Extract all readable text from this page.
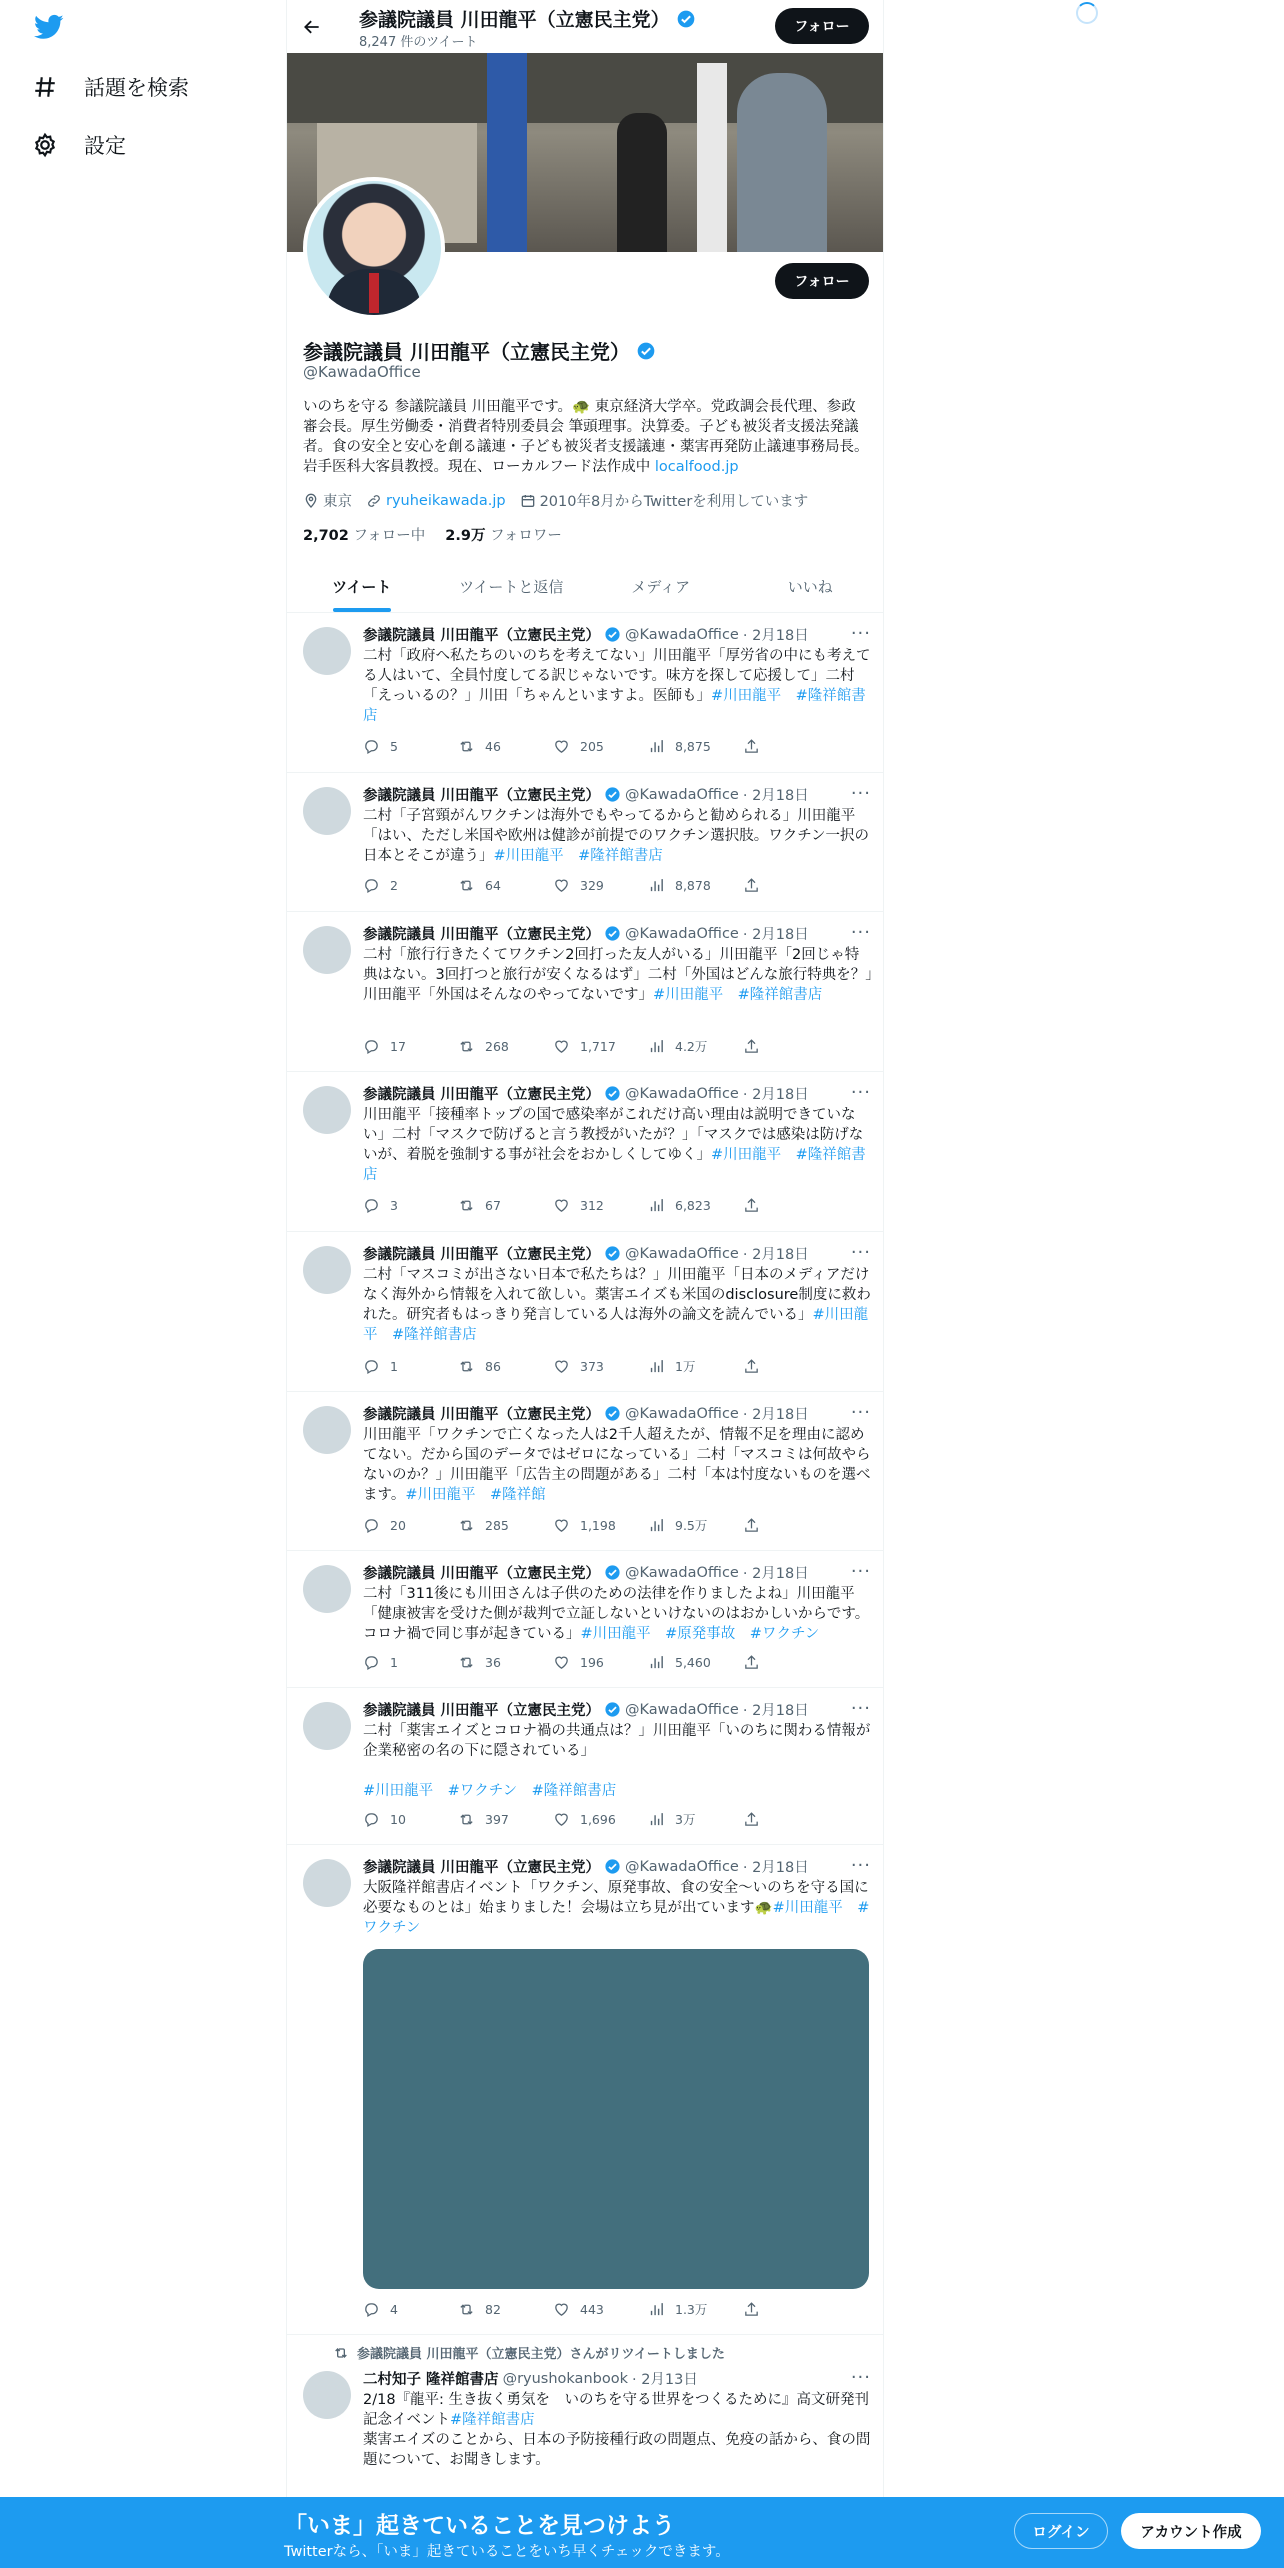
話題を検索
設定
参議院議員 川田龍平（立憲民主党）
8,247 件のツイート
フォロー
フォロー
参議院議員 川田龍平（立憲民主党）
@KawadaOffice
いのちを守る 参議院議員 川田龍平です。🐢 東京経済大学卒。党政調会長代理、参政審会長。厚生労働委・消費者特別委員会 筆頭理事。決算委。子ども被災者支援法発議者。食の安全と安心を創る議連・子ども被災者支援議連・薬害再発防止議連事務局長。岩手医科大客員教授。現在、ローカルフード法作成中 localfood.jp
東京 ryuheikawada.jp 2010年8月からTwitterを利用しています
2,702 フォロー中 2.9万 フォロワー
ツイート	ツイートと返信	メディア	いいね
参議院議員 川田龍平（立憲民主党） @KawadaOffice · 2月18日 ···
二村「政府へ私たちのいのちを考えてない」川田龍平「厚労省の中にも考えてる人はいて、全員忖度してる訳じゃないです。味方を探して応援して」二村「えっいるの？」川田「ちゃんといますよ。医師も」#川田龍平　#隆祥館書店
5	46	205	8,875
参議院議員 川田龍平（立憲民主党） @KawadaOffice · 2月18日 ···
二村「子宮頸がんワクチンは海外でもやってるからと勧められる」川田龍平「はい、ただし米国や欧州は健診が前提でのワクチン選択肢。ワクチン一択の日本とそこが違う」#川田龍平　#隆祥館書店
2	64	329	8,878
参議院議員 川田龍平（立憲民主党） @KawadaOffice · 2月18日 ···
二村「旅行行きたくてワクチン2回打った友人がいる」川田龍平「2回じゃ特典はない。3回打つと旅行が安くなるはず」二村「外国はどんな旅行特典を？」川田龍平「外国はそんなのやってないです」#川田龍平　#隆祥館書店
17	268	1,717	4.2万
参議院議員 川田龍平（立憲民主党） @KawadaOffice · 2月18日 ···
川田龍平「接種率トップの国で感染率がこれだけ高い理由は説明できていない」二村「マスクで防げると言う教授がいたが？」「マスクでは感染は防げないが、着脱を強制する事が社会をおかしくしてゆく」#川田龍平　#隆祥館書店
3	67	312	6,823
参議院議員 川田龍平（立憲民主党） @KawadaOffice · 2月18日 ···
二村「マスコミが出さない日本で私たちは？」川田龍平「日本のメディアだけなく海外から情報を入れて欲しい。薬害エイズも米国のdisclosure制度に救われた。研究者もはっきり発言している人は海外の論文を読んでいる」#川田龍平　#隆祥館書店
1	86	373	1万
参議院議員 川田龍平（立憲民主党） @KawadaOffice · 2月18日 ···
川田龍平「ワクチンで亡くなった人は2千人超えたが、情報不足を理由に認めてない。だから国のデータではゼロになっている」二村「マスコミは何故やらないのか？」川田龍平「広告主の問題がある」二村「本は忖度ないものを選べます。#川田龍平　#隆祥館
20	285	1,198	9.5万
参議院議員 川田龍平（立憲民主党） @KawadaOffice · 2月18日 ···
二村「311後にも川田さんは子供のための法律を作りましたよね」川田龍平「健康被害を受けた側が裁判で立証しないといけないのはおかしいからです。コロナ禍で同じ事が起きている」#川田龍平　#原発事故　#ワクチン
1	36	196	5,460
参議院議員 川田龍平（立憲民主党） @KawadaOffice · 2月18日 ···
二村「薬害エイズとコロナ禍の共通点は？」川田龍平「いのちに関わる情報が企業秘密の名の下に隠されている」

#川田龍平　#ワクチン　#隆祥館書店
10	397	1,696	3万
参議院議員 川田龍平（立憲民主党） @KawadaOffice · 2月18日 ···
大阪隆祥館書店イベント「ワクチン、原発事故、食の安全〜いのちを守る国に必要なものとは」始まりました！会場は立ち見が出ています🐢#川田龍平　#ワクチン
4	82	443	1.3万
参議院議員 川田龍平（立憲民主党）さんがリツイートしました
二村知子 隆祥館書店 @ryushokanbook · 2月13日	···
2/18『龍平: 生き抜く勇気を　いのちを守る世界をつくるために』高文研発刊記念イベント#隆祥館書店
薬害エイズのことから、日本の予防接種行政の問題点、免疫の話から、食の問題について、お聞きします。
「いま」起きていることを見つけよう
Twitterなら、「いま」起きていることをいち早くチェックできます。
ログイン	アカウント作成
